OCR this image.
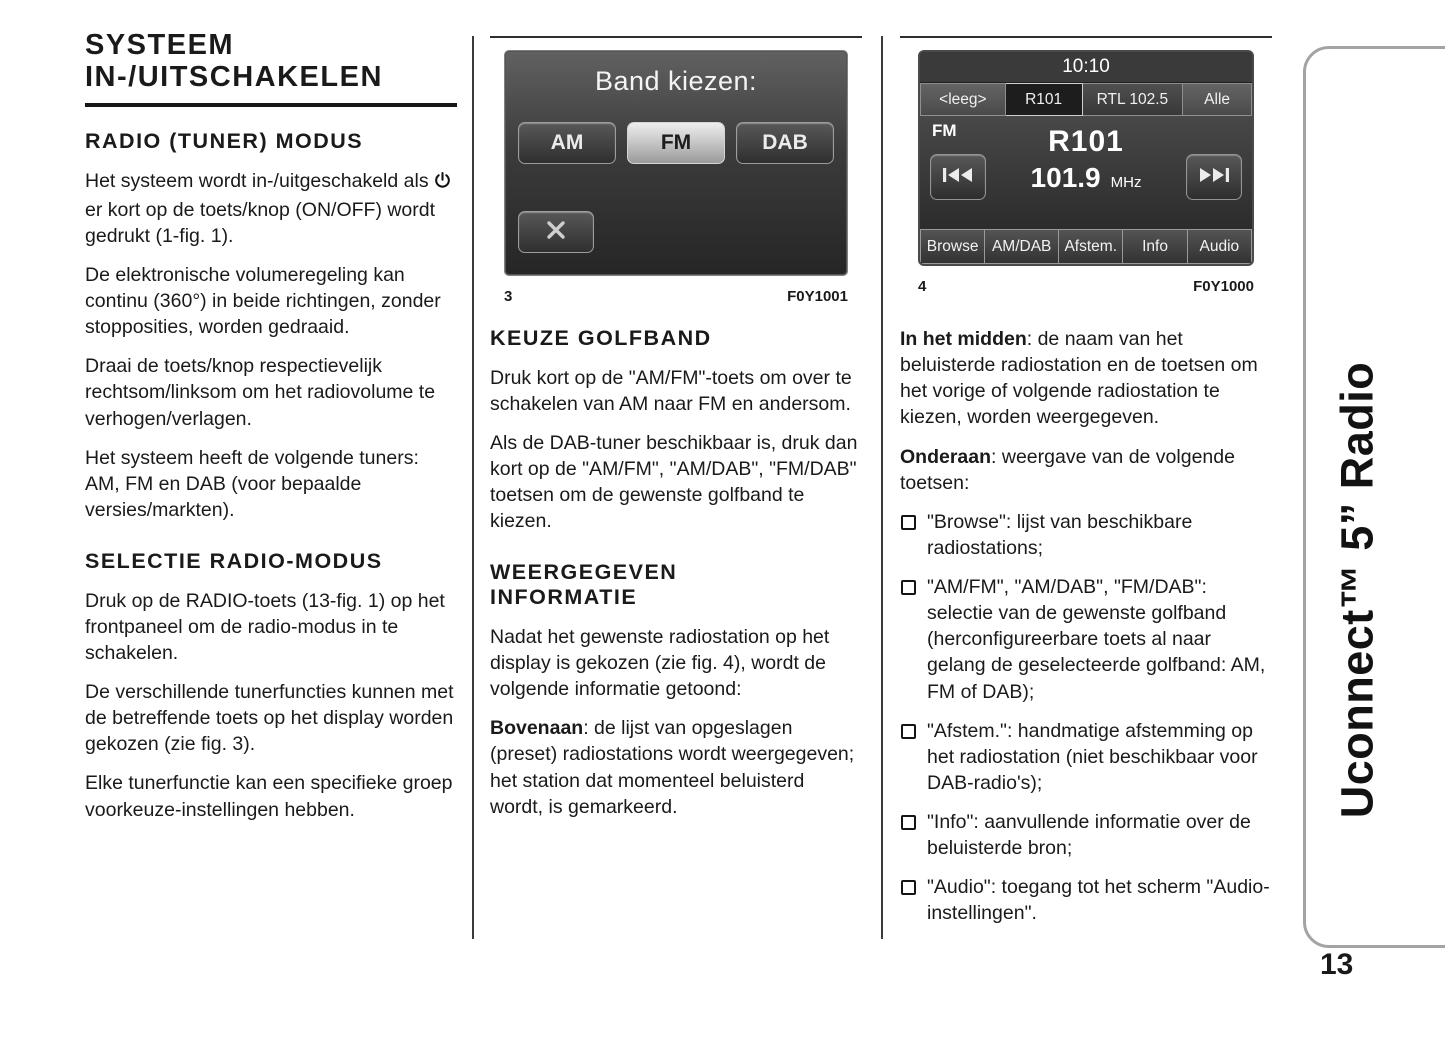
SYSTEEM
IN-/UITSCHAKELEN
RADIO (TUNER) MODUS

Het systeem wordt in-/uitgeschakeld alser kort op de toets/knop (ON/OFF) wordt gedrukt (1-fig. 1).

De elektronische volumeregeling kan continu (360°) in beide richtingen, zonder stopposities, worden gedraaid.

Draai de toets/knop respectievelijk rechtsom/linksom om het radiovolume te verhogen/verlagen.

Het systeem heeft de volgende tuners: AM, FM en DAB (voor bepaalde versies/markten).

SELECTIE RADIO-MODUS

Druk op de RADIO-toets (13-fig. 1) op het frontpaneel om de radio-modus in te schakelen.

De verschillende tunerfuncties kunnen met de betreffende toets op het display worden gekozen (zie fig. 3).

Elke tunerfunctie kan een specifieke groep voorkeuze-instellingen hebben.

Band kiezen:
AM	FM	DAB
3	F0Y1001
KEUZE GOLFBAND

Druk kort op de "AM/FM"-toets om over te schakelen van AM naar FM en andersom.

Als de DAB-tuner beschikbaar is, druk dan kort op de "AM/FM", "AM/DAB", "FM/DAB" toetsen om de gewenste golfband te kiezen.

WEERGEGEVEN
INFORMATIE

Nadat het gewenste radiostation op het display is gekozen (zie fig. 4), wordt de volgende informatie getoond:

Bovenaan: de lijst van opgeslagen (preset) radiostations wordt weergegeven; het station dat momenteel beluisterd wordt, is gemarkeerd.

10:10
<leeg>	R101	RTL 102.5	Alle
FM	R101
101.9 MHz
Browse AM/DAB Afstem.	Info	Audio
4	F0Y1000

In het midden: de naam van het beluisterde radiostation en de toetsen om het vorige of volgende radiostation te kiezen, worden weergegeven.

Onderaan: weergave van de volgende toetsen:

"Browse": lijst van beschikbare radiostations;
"AM/FM", "AM/DAB", "FM/DAB": selectie van de gewenste golfband (herconfigureerbare toets al naar gelang de geselecteerde golfband: AM, FM of DAB);
"Afstem.": handmatige afstemming op het radiostation (niet beschikbaar voor DAB-radio's);
"Info": aanvullende informatie over de beluisterde bron;
"Audio": toegang tot het scherm "Audio-instellingen".
Uconnect™ 5” Radio
13
